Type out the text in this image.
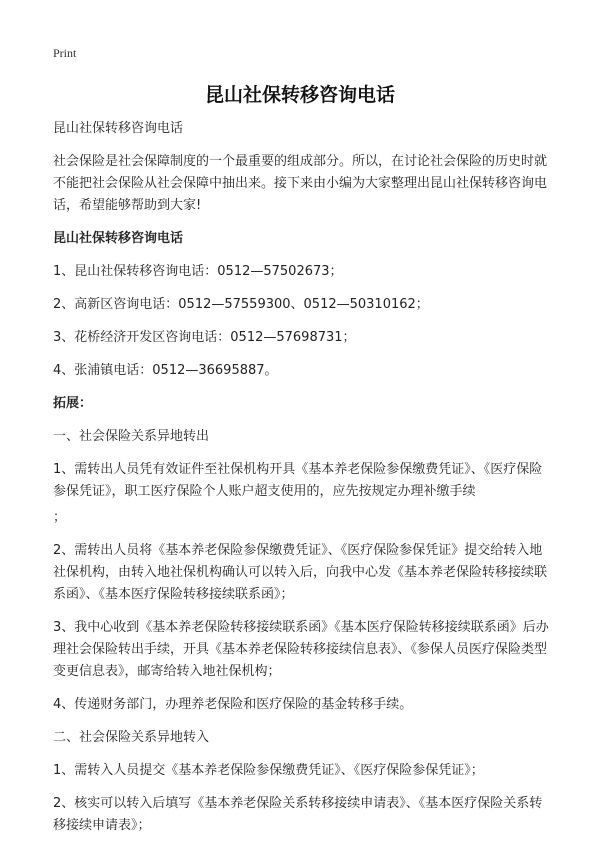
Print
昆山社保转移咨询电话

昆山社保转移咨询电话

社会保险是社会保障制度的一个最重要的组成部分。所以，在讨论社会保险的历史时就不能把社会保险从社会保障中抽出来。接下来由小编为大家整理出昆山社保转移咨询电话，希望能够帮助到大家!

昆山社保转移咨询电话

1、昆山社保转移咨询电话：0512—57502673；

2、高新区咨询电话：0512—57559300、0512—50310162；

3、花桥经济开发区咨询电话：0512—57698731；

4、张浦镇电话：0512—36695887。

拓展：

一、社会保险关系异地转出

1、需转出人员凭有效证件至社保机构开具《基本养老保险参保缴费凭证》、《医疗保险参保凭证》，职工医疗保险个人账户超支使用的，应先按规定办理补缴手续

；

2、需转出人员将《基本养老保险参保缴费凭证》、《医疗保险参保凭证》提交给转入地社保机构，由转入地社保机构确认可以转入后，向我中心发《基本养老保险转移接续联系函》、《基本医疗保险转移接续联系函》；

3、我中心收到《基本养老保险转移接续联系函》《基本医疗保险转移接续联系函》后办理社会保险转出手续，开具《基本养老保险转移接续信息表》、《参保人员医疗保险类型变更信息表》，邮寄给转入地社保机构；

4、传递财务部门，办理养老保险和医疗保险的基金转移手续。

二、社会保险关系异地转入

1、需转入人员提交《基本养老保险参保缴费凭证》、《医疗保险参保凭证》；

2、核实可以转入后填写《基本养老保险关系转移接续申请表》、《基本医疗保险关系转移接续申请表》；
